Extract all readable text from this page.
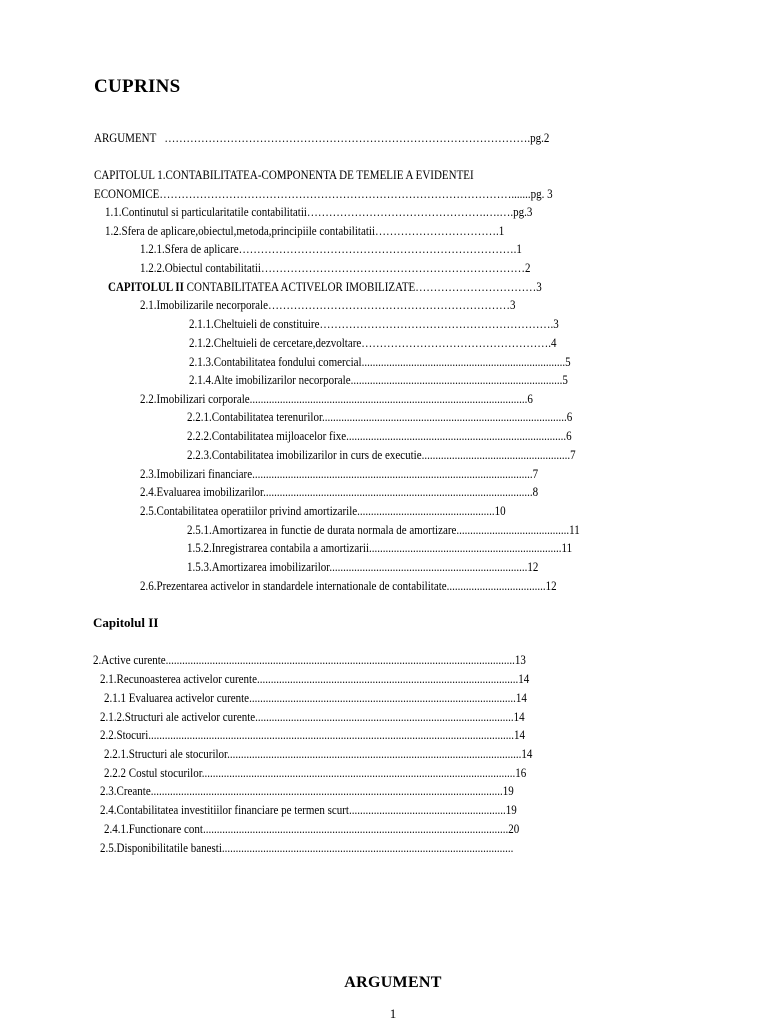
CUPRINS
ARGUMENT   ……………………………………………………………………………………….pg.2
CAPITOLUL 1.CONTABILITATEA-COMPONENTA DE TEMELIE A EVIDENTEI
ECONOMICE…………………………………………………………………………………….......pg. 3
1.1.Continutul si particularitatile contabilitatii………………………………………….….….pg.3
1.2.Sfera de aplicare,obiectul,metoda,principiile contabilitatii…………………………….1
1.2.1.Sfera de aplicare………………………………………………………………….1
1.2.2.Obiectul contabilitatii………………………………………………………………2
CAPITOLUL II CONTABILITATEA ACTIVELOR IMOBILIZATE……………………………3
2.1.Imobilizarile necorporale…………………………………………………………3
2.1.1.Cheltuieli de constituire……………………………………………………….3
2.1.2.Cheltuieli de cercetare,dezvoltare…………………………………………….4
2.1.3.Contabilitatea fondului comercial..........................................................................5
2.1.4.Alte imobilizarilor necorporale.............................................................................5
2.2.Imobilizari corporale.....................................................................................................6
2.2.1.Contabilitatea terenurilor.........................................................................................6
2.2.2.Contabilitatea mijloacelor fixe................................................................................6
2.2.3.Contabilitatea imobilizarilor in curs de executie......................................................7
2.3.Imobilizari financiare......................................................................................................7
2.4.Evaluarea imobilizarilor..................................................................................................8
2.5.Contabilitatea operatiilor privind amortizarile..................................................10
2.5.1.Amortizarea in functie de durata normala de amortizare.........................................11
1.5.2.Inregistrarea contabila a amortizarii......................................................................11
1.5.3.Amortizarea imobilizarilor........................................................................12
2.6.Prezentarea activelor in standardele internationale de contabilitate....................................12
Capitolul II
2.Active curente...............................................................................................................................13
2.1.Recunoasterea activelor curente...............................................................................................14
2.1.1 Evaluarea activelor curente.................................................................................................14
2.1.2.Structuri ale activelor curente..............................................................................................14
2.2.Stocuri.....................................................................................................................................14
2.2.1.Structuri ale stocurilor...........................................................................................................14
2.2.2 Costul stocurilor..................................................................................................................16
2.3.Creante................................................................................................................................19
2.4.Contabilitatea investitiilor financiare pe termen scurt.........................................................19
2.4.1.Functionare cont...............................................................................................................20
2.5.Disponibilitatile banesti..........................................................................................................
ARGUMENT
1
